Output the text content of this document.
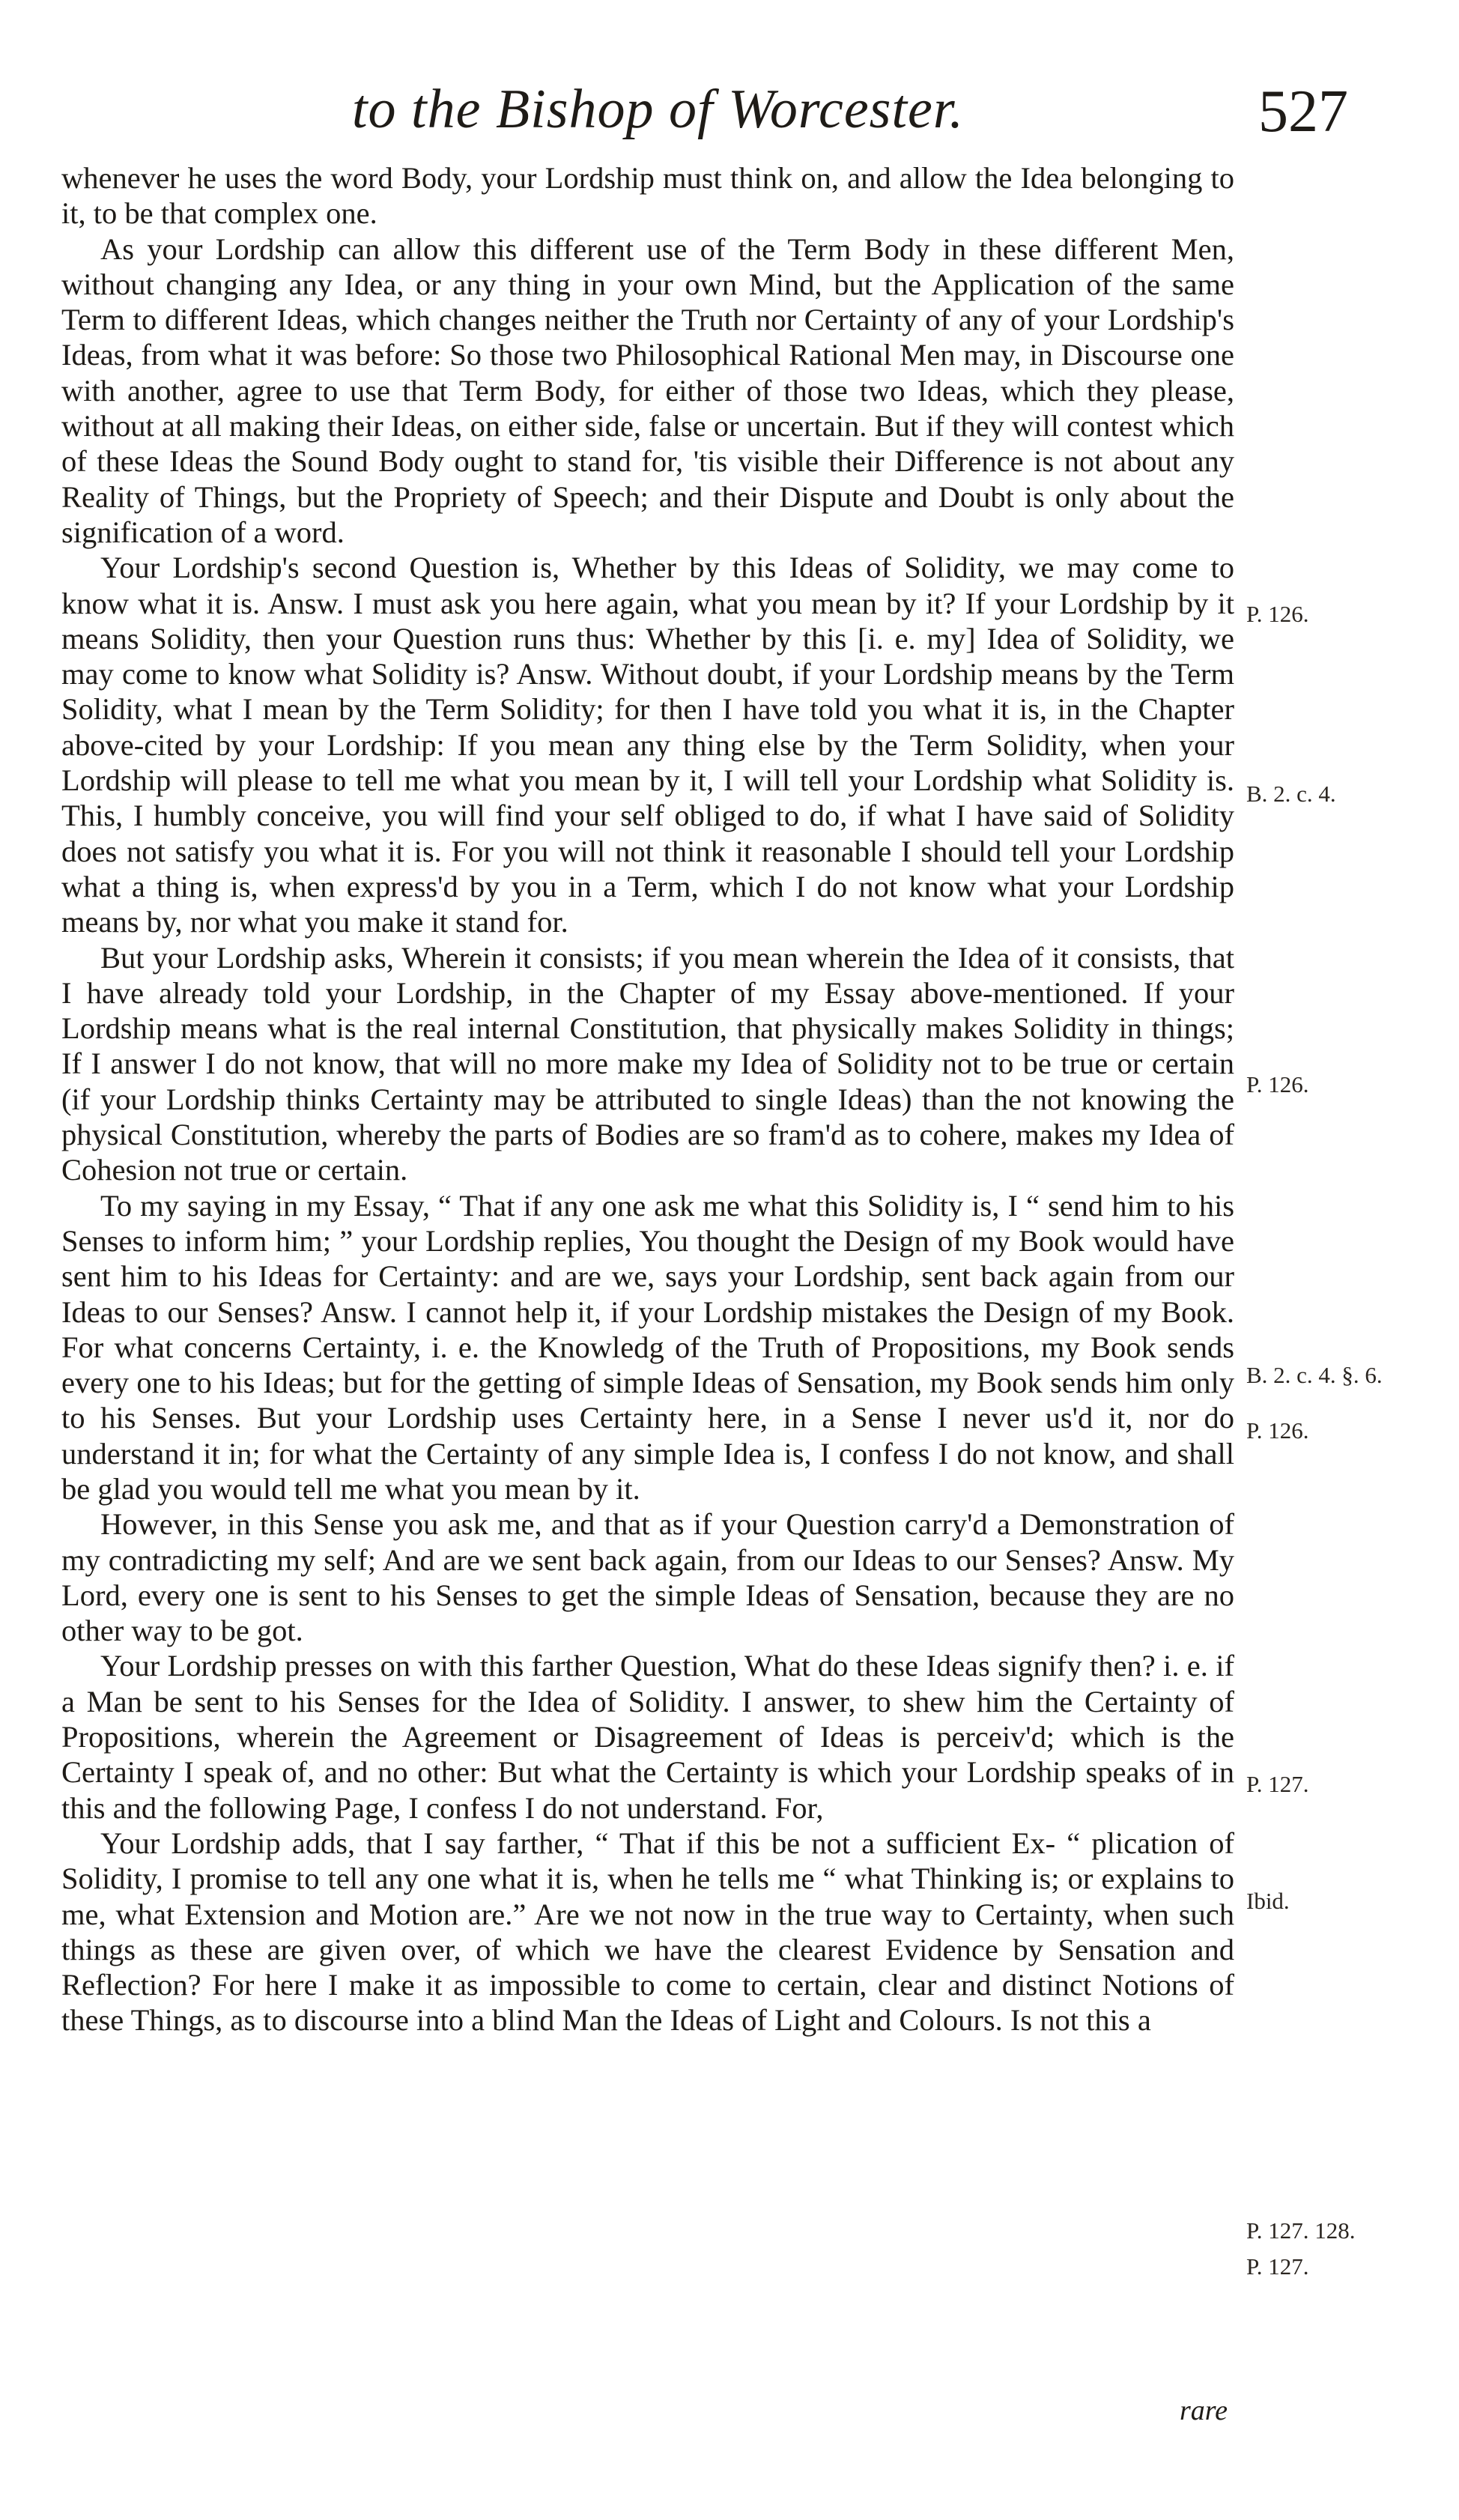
to the Bishop of Worcester.	527

whenever he uses the word Body, your Lordship must think on, and allow the Idea belonging to it, to be that complex one.

As your Lordship can allow this different use of the Term Body in these different Men, without changing any Idea, or any thing in your own Mind, but the Application of the same Term to different Ideas, which changes neither the Truth nor Certainty of any of your Lordship's Ideas, from what it was before: So those two Philosophical Rational Men may, in Discourse one with another, agree to use that Term Body, for either of those two Ideas, which they please, without at all making their Ideas, on either side, false or uncertain. But if they will contest which of these Ideas the Sound Body ought to stand for, 'tis visible their Difference is not about any Reality of Things, but the Propriety of Speech; and their Dispute and Doubt is only about the signification of a word.

Your Lordship's second Question is, Whether by this Ideas of Solidity, we may come to know what it is. Answ. I must ask you here again, what you mean by it? If your Lordship by it means Solidity, then your Question runs thus: Whether by this [i. e. my] Idea of Solidity, we may come to know what Solidity is? Answ. Without doubt, if your Lordship means by the Term Solidity, what I mean by the Term Solidity; for then I have told you what it is, in the Chapter above-cited by your Lordship: If you mean any thing else by the Term Solidity, when your Lordship will please to tell me what you mean by it, I will tell your Lordship what Solidity is. This, I humbly conceive, you will find your self obliged to do, if what I have said of Solidity does not satisfy you what it is. For you will not think it reasonable I should tell your Lordship what a thing is, when express'd by you in a Term, which I do not know what your Lordship means by, nor what you make it stand for.

But your Lordship asks, Wherein it consists; if you mean wherein the Idea of it consists, that I have already told your Lordship, in the Chapter of my Essay above-mentioned. If your Lordship means what is the real internal Constitution, that physically makes Solidity in things; If I answer I do not know, that will no more make my Idea of Solidity not to be true or certain (if your Lordship thinks Certainty may be attributed to single Ideas) than the not knowing the physical Constitution, whereby the parts of Bodies are so fram'd as to cohere, makes my Idea of Cohesion not true or certain.

To my saying in my Essay, “ That if any one ask me what this Solidity is, I “ send him to his Senses to inform him; ” your Lordship replies, You thought the Design of my Book would have sent him to his Ideas for Certainty: and are we, says your Lordship, sent back again from our Ideas to our Senses? Answ. I cannot help it, if your Lordship mistakes the Design of my Book. For what concerns Certainty, i. e. the Knowledg of the Truth of Propositions, my Book sends every one to his Ideas; but for the getting of simple Ideas of Sensation, my Book sends him only to his Senses. But your Lordship uses Certainty here, in a Sense I never us'd it, nor do understand it in; for what the Certainty of any simple Idea is, I confess I do not know, and shall be glad you would tell me what you mean by it.

However, in this Sense you ask me, and that as if your Question carry'd a Demonstration of my contradicting my self; And are we sent back again, from our Ideas to our Senses? Answ. My Lord, every one is sent to his Senses to get the simple Ideas of Sensation, because they are no other way to be got.

Your Lordship presses on with this farther Question, What do these Ideas signify then? i. e. if a Man be sent to his Senses for the Idea of Solidity. I answer, to shew him the Certainty of Propositions, wherein the Agreement or Disagreement of Ideas is perceiv'd; which is the Certainty I speak of, and no other: But what the Certainty is which your Lordship speaks of in this and the following Page, I confess I do not understand. For,

Your Lordship adds, that I say farther, “ That if this be not a sufficient Ex- “ plication of Solidity, I promise to tell any one what it is, when he tells me “ what Thinking is; or explains to me, what Extension and Motion are.” Are we not now in the true way to Certainty, when such things as these are given over, of which we have the clearest Evidence by Sensation and Reflection? For here I make it as impossible to come to certain, clear and distinct Notions of these Things, as to discourse into a blind Man the Ideas of Light and Colours. Is not this a

rare
P. 126.
B. 2. c. 4.
P. 126.
B. 2. c. 4. §. 6.
P. 126.
P. 127.
Ibid.
P. 127. 128.
P. 127.
